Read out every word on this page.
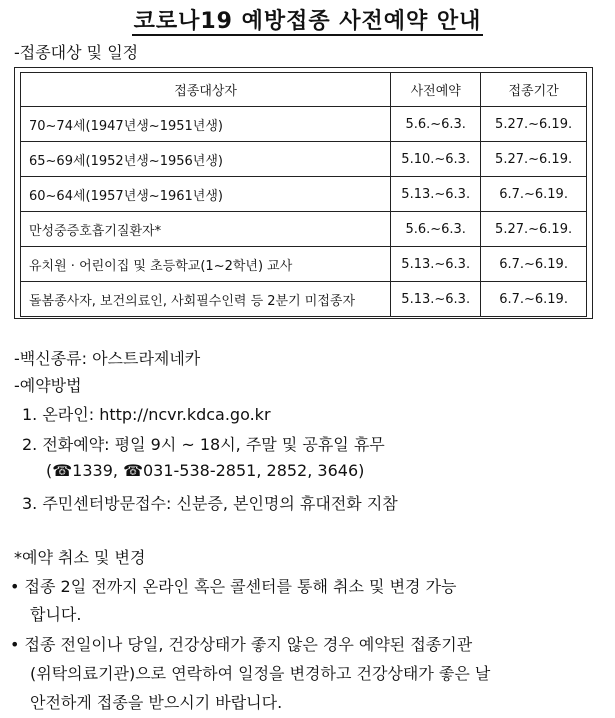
코로나19 예방접종 사전예약 안내
-접종대상 및 일정
접종대상자	사전예약	접종기간
70~74세(1947년생~1951년생)	5.6.~6.3.	5.27.~6.19.
65~69세(1952년생~1956년생)	5.10.~6.3.	5.27.~6.19.
60~64세(1957년생~1961년생)	5.13.~6.3.	6.7.~6.19.
만성중증호흡기질환자*	5.6.~6.3.	5.27.~6.19.
유치원 · 어린이집 및 초등학교(1~2학년) 교사	5.13.~6.3.	6.7.~6.19.
돌봄종사자, 보건의료인, 사회필수인력 등 2분기 미접종자	5.13.~6.3.	6.7.~6.19.
-백신종류: 아스트라제네카
-예약방법
1. 온라인: http://ncvr.kdca.go.kr
2. 전화예약: 평일 9시 ~ 18시, 주말 및 공휴일 휴무
(☎1339, ☎031-538-2851, 2852, 3646)
3. 주민센터방문접수: 신분증, 본인명의 휴대전화 지참
*예약 취소 및 변경
• 접종 2일 전까지 온라인 혹은 콜센터를 통해 취소 및 변경 가능
합니다.
• 접종 전일이나 당일, 건강상태가 좋지 않은 경우 예약된 접종기관
(위탁의료기관)으로 연락하여 일정을 변경하고 건강상태가 좋은 날
안전하게 접종을 받으시기 바랍니다.
